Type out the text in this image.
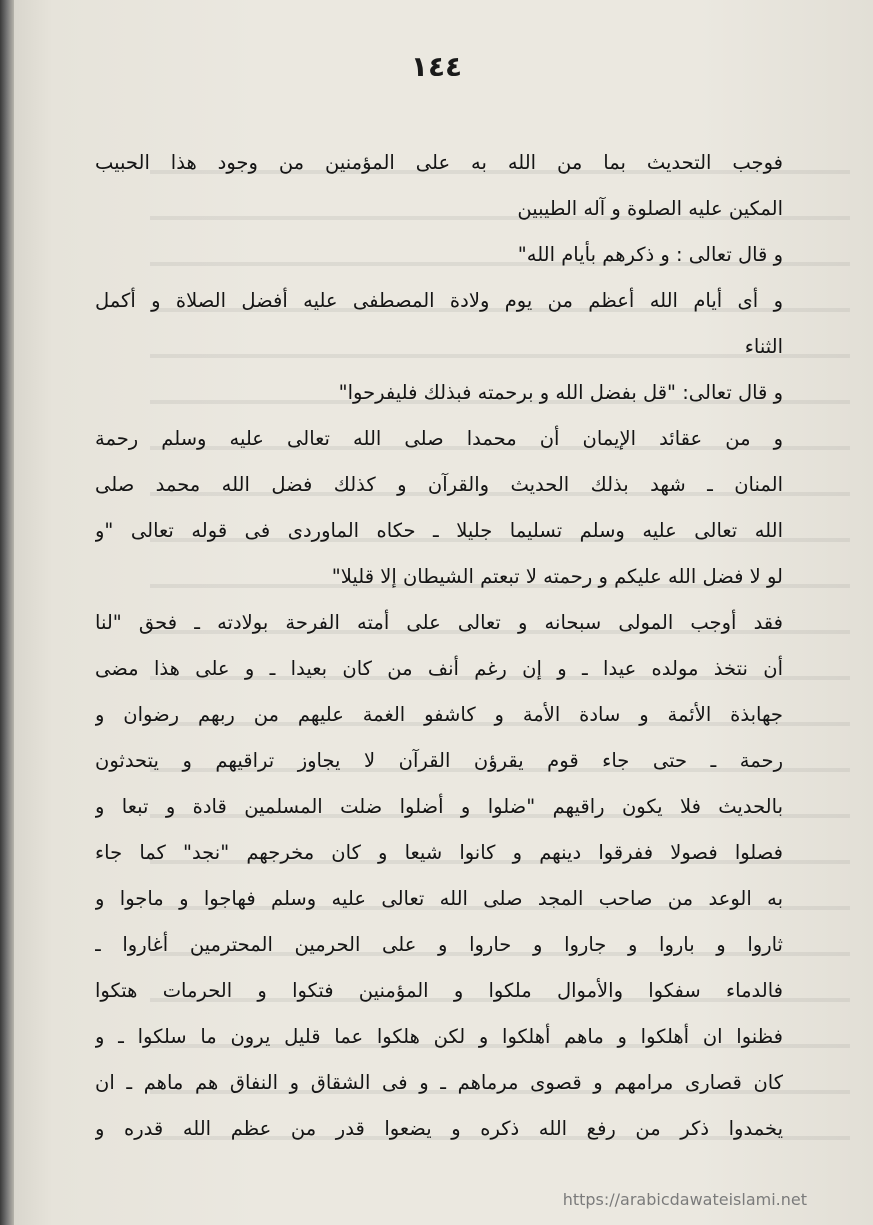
١٤٤
فوجب التحديث بما من الله به على المؤمنين من وجود هذا الحبيب
المكين عليه الصلوة و آله الطيبين
و قال تعالى : و ذكرهم بأيام الله"
و أى أيام الله أعظم من يوم ولادة المصطفى عليه أفضل الصلاة و أكمل
الثناء
و قال تعالى: "قل بفضل الله و برحمته فبذلك فليفرحوا"
و من عقائد الإيمان أن محمدا صلى الله تعالى عليه وسلم رحمة
المنان ـ شهد بذلك الحديث والقرآن و كذلك فضل الله محمد صلى
الله تعالى عليه وسلم تسليما جليلا ـ حكاه الماوردى فى قوله تعالى "و
لو لا فضل الله عليكم و رحمته لا تبعتم الشيطان إلا قليلا"
فقد أوجب المولى سبحانه و تعالى على أمته الفرحة بولادته ـ فحق "لنا
أن نتخذ مولده عيدا ـ و إن رغم أنف من كان بعيدا ـ و على هذا مضى
جهابذة الأئمة و سادة الأمة و كاشفو الغمة عليهم من ربهم رضوان و
رحمة ـ حتى جاء قوم يقرؤن القرآن لا يجاوز تراقيهم و يتحدثون
بالحديث فلا يكون راقيهم "ضلوا و أضلوا ضلت المسلمين قادة و تبعا و
فصلوا فصولا ففرقوا دينهم و كانوا شيعا و كان مخرجهم "نجد" كما جاء
به الوعد من صاحب المجد صلى الله تعالى عليه وسلم فهاجوا و ماجوا و
ثاروا و باروا و جاروا و حاروا و على الحرمين المحترمين أغاروا ـ
فالدماء سفكوا والأموال ملكوا و المؤمنين فتكوا و الحرمات هتكوا
فظنوا ان أهلكوا و ماهم أهلكوا و لكن هلكوا عما قليل يرون ما سلكوا ـ و
كان قصارى مرامهم و قصوى مرماهم ـ و فى الشقاق و النفاق هم ماهم ـ ان
يخمدوا ذكر من رفع الله ذكره و يضعوا قدر من عظم الله قدره و
https://arabicdawateislami.net
